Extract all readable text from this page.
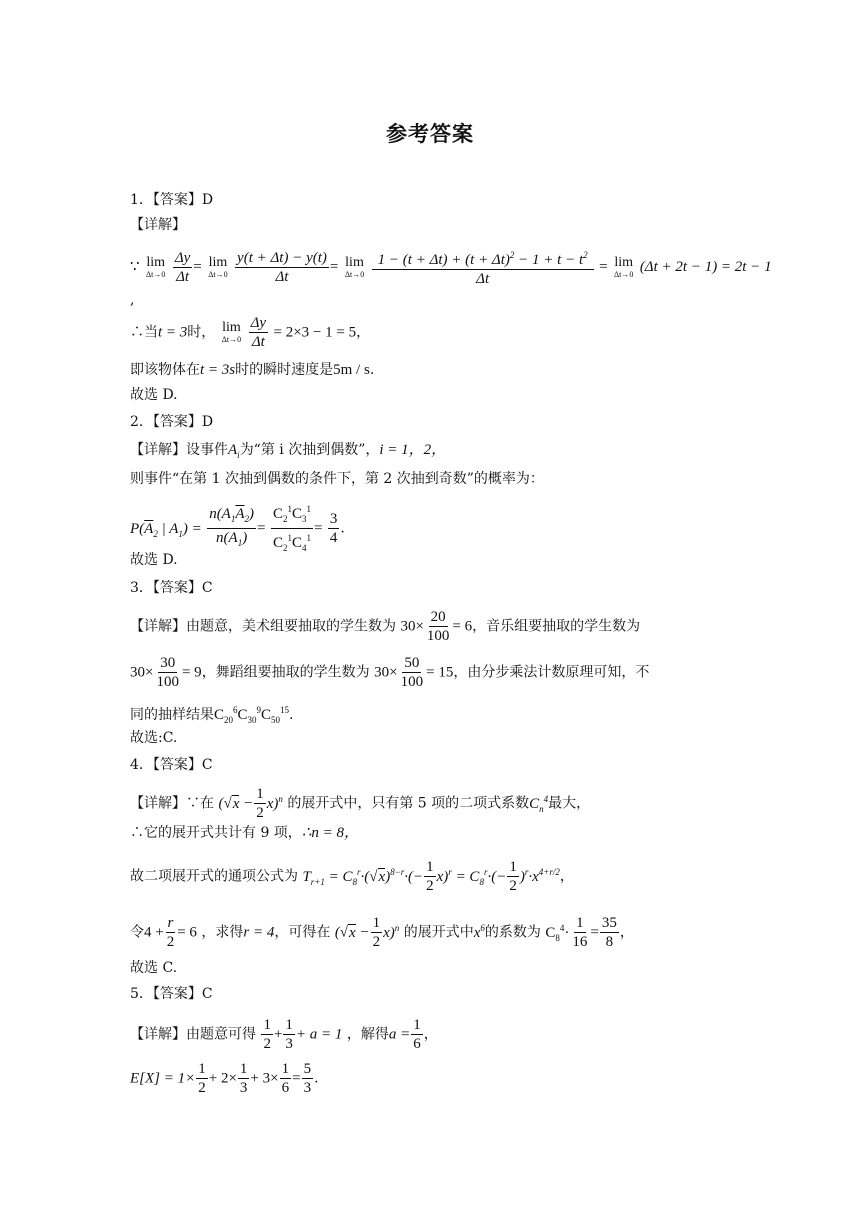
参考答案
1．【答案】D
【详解】
∵ lim
Δt→0
$\frac{\Delta y}{\Delta t} = \lim$
Δt→0
$\frac{y(t + \Delta t) - y(t)}{\Delta t} = \lim$
Δt→0
$\frac{1 - (t + \Delta t) + (t + \Delta t)^2 - 1 + t - t^2}{\Delta t} = \lim$
Δt→0 (Δt + 2t − 1) = 2t − 1
,
∴当t = 3时， lim
Δt→0
$\frac{\Delta y}{\Delta t} = 2\times 3 - 1 = 5$，
即该物体在t = 3s时的瞬时速度是5m / s.
故选 D.
2．【答案】D
【详解】设事件$A_i$为“第 i 次抽到偶数”，i = 1，2，
则事件“在第 1 次抽到偶数的条件下，第 2 次抽到奇数”的概率为：
$P(\overline{A}_2$ | $A_1) = \frac{n(A_1\overline{A}_2)}{n(A_1)} = \frac{C_2^1C_3^1}{C_2^1C_4^1} = \frac{3}{4}$ .
故选 D.
3．【答案】C
【详解】由题意，美术组要抽取的学生数为 $30\times \frac{20}{100} = 6$，音乐组要抽取的学生数为
$30\times \frac{30}{100} = 9$，舞蹈组要抽取的学生数为 $30\times \frac{50}{100} = 15$，由分步乘法计数原理可知，不
同的抽样结果$C_{20}^6C_{30}^9C_{50}^{15}$.
故选:C.
4．【答案】C
【详解】∵在 $(√x - \frac{1}{2} x)^n$ 的展开式中，只有第 5 项的二项式系数$C_n^4$最大，
∴它的展开式共计有 9 项，∴n = 8，
故二项展开式的通项公式为 $T_{r+1} = C_8^r\cdot(√x)^{8-r}\cdot(- \frac{1}{2} x)^r = C_8^r\cdot(- \frac{1}{2} )^r\cdot x^{4+r/2}$，
令$4 + \frac{r}{2} = 6$ ，求得r = 4，可得在 $(√x - \frac{1}{2} x)^n$ 的展开式中$x^6$的系数为 $C_8^4\cdot \frac{1}{16} = \frac{35}{8}$ ，
故选 C.
5．【答案】C
【详解】由题意可得 $\frac{1}{2} + \frac{1}{3} + a = 1$ ，解得$a = \frac{1}{6}$ ，
$E[X] = 1\times \frac{1}{2} + 2\times \frac{1}{3} + 3\times \frac{1}{6} = \frac{5}{3}$ .
